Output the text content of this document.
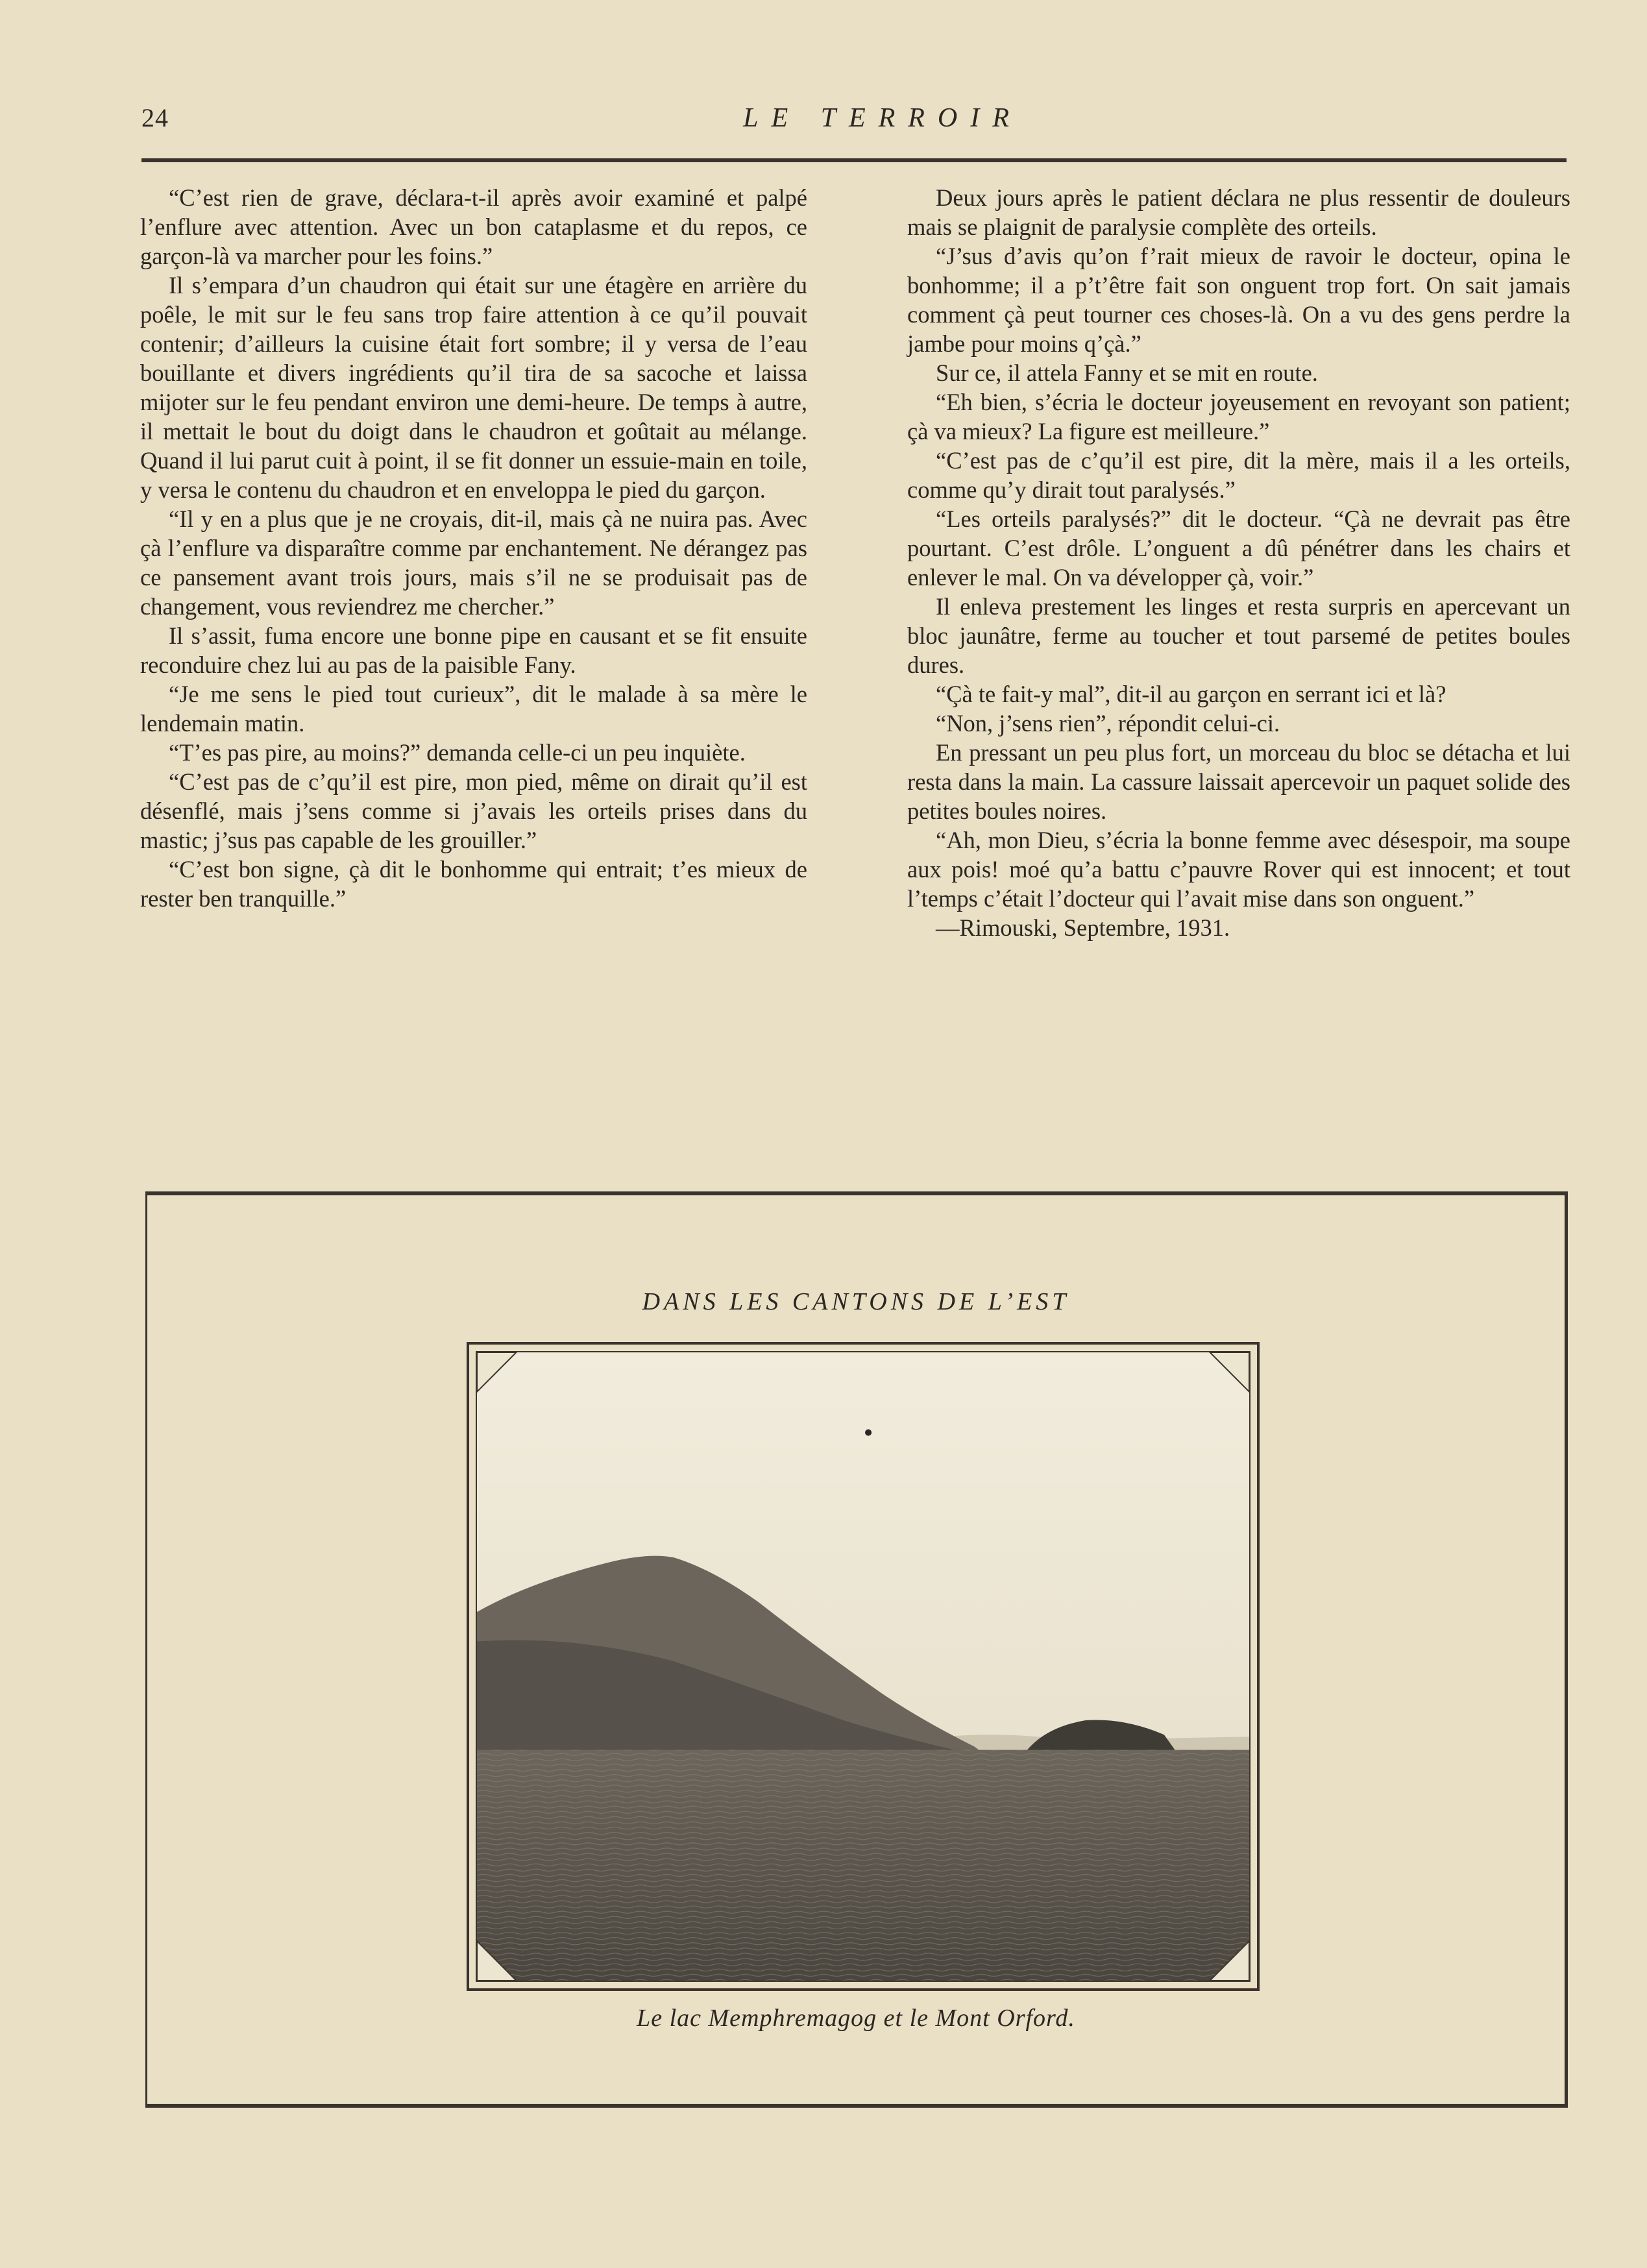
24	LE TERROIR

“C’est rien de grave, déclara-t-il après avoir examiné et palpé l’enflure avec attention. Avec un bon cataplasme et du repos, ce garçon-là va marcher pour les foins.”

Il s’empara d’un chaudron qui était sur une étagère en arrière du poêle, le mit sur le feu sans trop faire attention à ce qu’il pouvait contenir; d’ailleurs la cuisine était fort sombre; il y versa de l’eau bouillante et divers ingrédients qu’il tira de sa sacoche et laissa mijoter sur le feu pendant environ une demi-heure. De temps à autre, il mettait le bout du doigt dans le chaudron et goûtait au mélange. Quand il lui parut cuit à point, il se fit donner un essuie-main en toile, y versa le contenu du chaudron et en enveloppa le pied du garçon.

“Il y en a plus que je ne croyais, dit-il, mais çà ne nuira pas. Avec çà l’enflure va disparaître comme par enchantement. Ne dérangez pas ce pansement avant trois jours, mais s’il ne se produisait pas de changement, vous reviendrez me chercher.”

Il s’assit, fuma encore une bonne pipe en causant et se fit ensuite reconduire chez lui au pas de la paisible Fany.

“Je me sens le pied tout curieux”, dit le malade à sa mère le lendemain matin.

“T’es pas pire, au moins?” demanda celle-ci un peu inquiète.

“C’est pas de c’qu’il est pire, mon pied, même on dirait qu’il est désenflé, mais j’sens comme si j’avais les orteils prises dans du mastic; j’sus pas capable de les grouiller.”

“C’est bon signe, çà dit le bonhomme qui entrait; t’es mieux de rester ben tranquille.”

Deux jours après le patient déclara ne plus ressentir de douleurs mais se plaignit de paralysie complète des orteils.

“J’sus d’avis qu’on f’rait mieux de ravoir le docteur, opina le bonhomme; il a p’t’être fait son onguent trop fort. On sait jamais comment çà peut tourner ces choses-là. On a vu des gens perdre la jambe pour moins q’çà.”

Sur ce, il attela Fanny et se mit en route.

“Eh bien, s’écria le docteur joyeusement en revoyant son patient; çà va mieux? La figure est meilleure.”

“C’est pas de c’qu’il est pire, dit la mère, mais il a les orteils, comme qu’y dirait tout paralysés.”

“Les orteils paralysés?” dit le docteur. “Çà ne devrait pas être pourtant. C’est drôle. L’onguent a dû pénétrer dans les chairs et enlever le mal. On va développer çà, voir.”

Il enleva prestement les linges et resta surpris en apercevant un bloc jaunâtre, ferme au toucher et tout parsemé de petites boules dures.

“Çà te fait-y mal”, dit-il au garçon en serrant ici et là?

“Non, j’sens rien”, répondit celui-ci.

En pressant un peu plus fort, un morceau du bloc se détacha et lui resta dans la main. La cassure laissait apercevoir un paquet solide des petites boules noires.

“Ah, mon Dieu, s’écria la bonne femme avec désespoir, ma soupe aux pois! moé qu’a battu c’pauvre Rover qui est innocent; et tout l’temps c’était l’docteur qui l’avait mise dans son onguent.”

—Rimouski, Septembre, 1931.

DANS LES CANTONS DE L’EST
Le lac Memphremagog et le Mont Orford.
